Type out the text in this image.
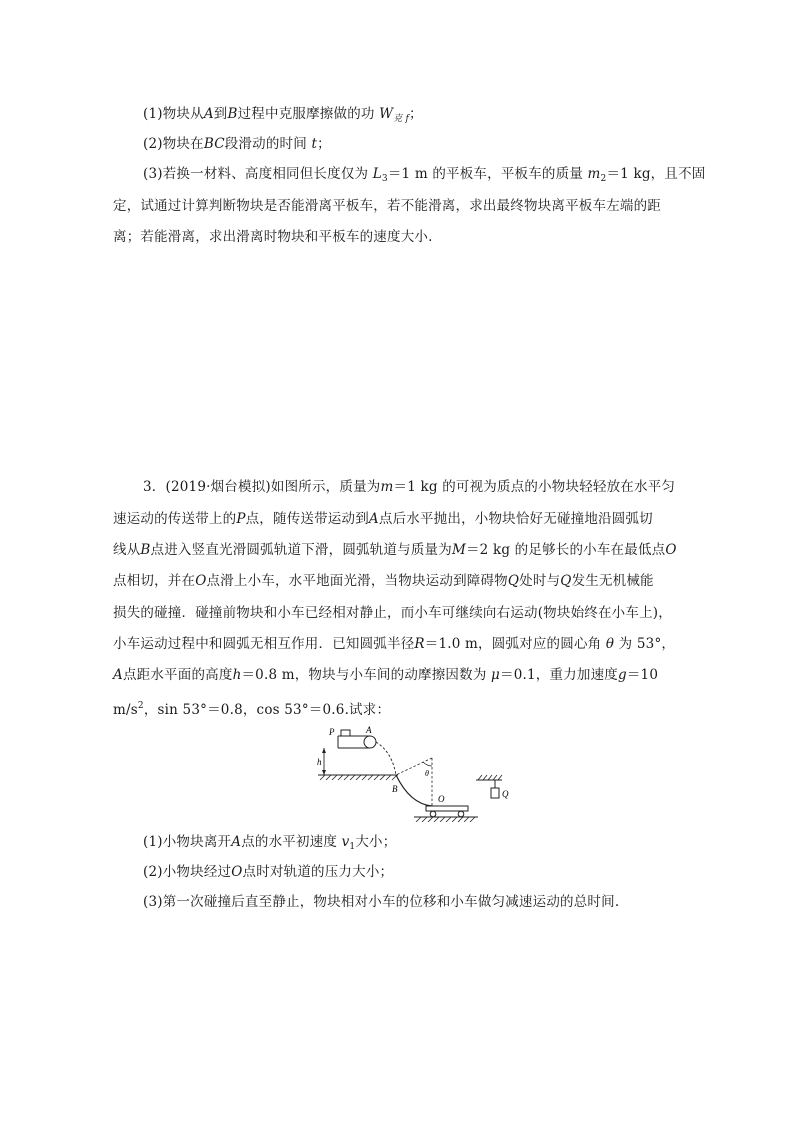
(1)物块从A到B过程中克服摩擦做的功 $W_{克 f}$；
(2)物块在BC段滑动的时间 t；
(3)若换一材料、高度相同但长度仅为 $L_3=1$ m 的平板车，平板车的质量 $m_2=1$ kg，且不固
定，试通过计算判断物块是否能滑离平板车，若不能滑离，求出最终物块离平板车左端的距
离；若能滑离，求出滑离时物块和平板车的速度大小.
3．(2019·烟台模拟)如图所示，质量为m＝1 kg 的可视为质点的小物块轻轻放在水平匀
速运动的传送带上的P点，随传送带运动到A点后水平抛出，小物块恰好无碰撞地沿圆弧切
线从B点进入竖直光滑圆弧轨道下滑，圆弧轨道与质量为M＝2 kg 的足够长的小车在最低点O
点相切，并在O点滑上小车，水平地面光滑，当物块运动到障碍物Q处时与Q发生无机械能
损失的碰撞．碰撞前物块和小车已经相对静止，而小车可继续向右运动(物块始终在小车上)，
小车运动过程中和圆弧无相互作用．已知圆弧半径R＝1.0 m，圆弧对应的圆心角 θ 为 53°，
A点距水平面的高度h＝0.8 m，物块与小车间的动摩擦因数为 μ＝0.1，重力加速度g＝10
$m/s^2$，sin 53°＝0.8，cos 53°＝0.6.试求：
P	A
h
θ
B
O	Q
(1)小物块离开A点的水平初速度 $v_1$大小；
(2)小物块经过O点时对轨道的压力大小；
(3)第一次碰撞后直至静止，物块相对小车的位移和小车做匀减速运动的总时间.
